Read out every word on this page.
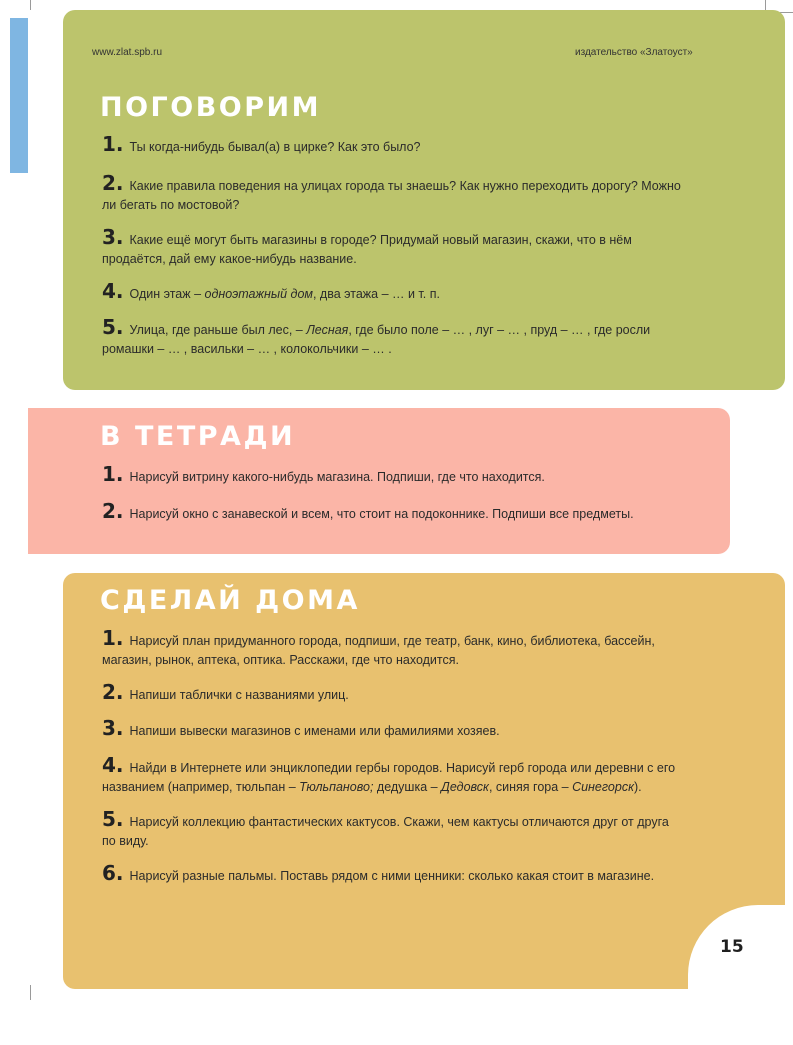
www.zlat.spb.ru	издательство «Златоуст»
ПОГОВОРИМ
1. Ты когда-нибудь бывал(а) в цирке? Как это было?
2. Какие правила поведения на улицах города ты знаешь? Как нужно переходить дорогу? Можно ли бегать по мостовой?
3. Какие ещё могут быть магазины в городе? Придумай новый магазин, скажи, что в нём продаётся, дай ему какое-нибудь название.
4. Один этаж – одноэтажный дом, два этажа – … и т. п.
5. Улица, где раньше был лес, – Лесная, где было поле – … , луг – … , пруд – … , где росли ромашки – … , васильки – … , колокольчики – … .
В ТЕТРАДИ
1. Нарисуй витрину какого-нибудь магазина. Подпиши, где что находится.
2. Нарисуй окно с занавеской и всем, что стоит на подоконнике. Подпиши все предметы.
15
СДЕЛАЙ ДОМА
1. Нарисуй план придуманного города, подпиши, где театр, банк, кино, библиотека, бассейн, магазин, рынок, аптека, оптика. Расскажи, где что находится.
2. Напиши таблички с названиями улиц.
3. Напиши вывески магазинов с именами или фамилиями хозяев.
4. Найди в Интернете или энциклопедии гербы городов. Нарисуй герб города или деревни с его названием (например, тюльпан – Тюльпаново; дедушка – Дедовск, синяя гора – Синегорск).
5. Нарисуй коллекцию фантастических кактусов. Скажи, чем кактусы отличаются друг от друга по виду.
6. Нарисуй разные пальмы. Поставь рядом с ними ценники: сколько какая стоит в магазине.
